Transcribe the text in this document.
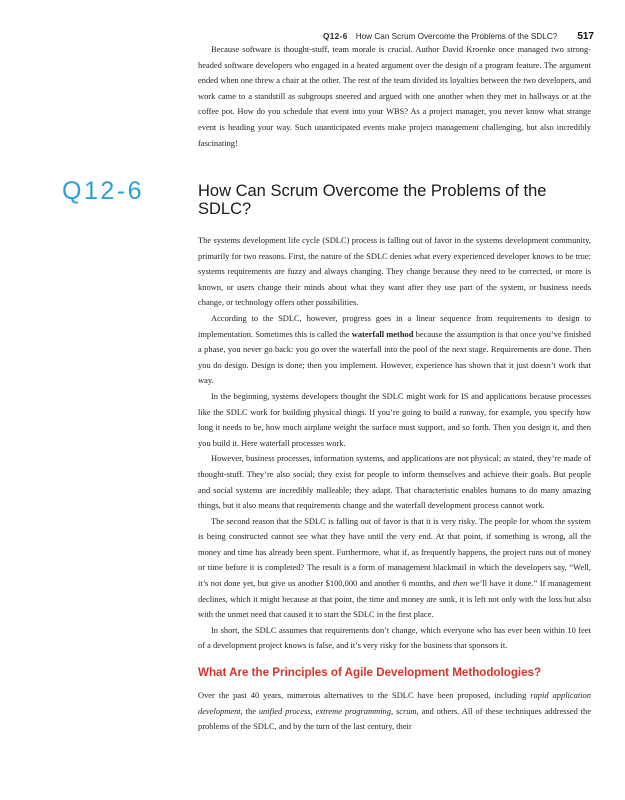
Q12-6 How Can Scrum Overcome the Problems of the SDLC? 517

Because software is thought-stuff, team morale is crucial. Author David Kroenke once managed two strong-headed software developers who engaged in a heated argument over the design of a program feature. The argument ended when one threw a chair at the other. The rest of the team divided its loyalties between the two developers, and work came to a standstill as subgroups sneered and argued with one another when they met in hallways or at the coffee pot. How do you schedule that event into your WBS? As a project manager, you never know what strange event is heading your way. Such unanticipated events make project management challenging, but also incredibly fascinating!

Q12-6	How Can Scrum Overcome the Problems of the SDLC?

The systems development life cycle (SDLC) process is falling out of favor in the systems development community, primarily for two reasons. First, the nature of the SDLC denies what every experienced developer knows to be true: systems requirements are fuzzy and always changing. They change because they need to be corrected, or more is known, or users change their minds about what they want after they use part of the system, or business needs change, or technology offers other possibilities.

According to the SDLC, however, progress goes in a linear sequence from requirements to design to implementation. Sometimes this is called the waterfall method because the assumption is that once you’ve finished a phase, you never go back: you go over the waterfall into the pool of the next stage. Requirements are done. Then you do design. Design is done; then you implement. However, experience has shown that it just doesn’t work that way.

In the beginning, systems developers thought the SDLC might work for IS and applications because processes like the SDLC work for building physical things. If you’re going to build a runway, for example, you specify how long it needs to be, how much airplane weight the surface must support, and so forth. Then you design it, and then you build it. Here waterfall processes work.

However, business processes, information systems, and applications are not physical; as stated, they’re made of thought-stuff. They’re also social; they exist for people to inform themselves and achieve their goals. But people and social systems are incredibly malleable; they adapt. That characteristic enables humans to do many amazing things, but it also means that requirements change and the waterfall development process cannot work.

The second reason that the SDLC is falling out of favor is that it is very risky. The people for whom the system is being constructed cannot see what they have until the very end. At that point, if something is wrong, all the money and time has already been spent. Furthermore, what if, as frequently happens, the project runs out of money or time before it is completed? The result is a form of management blackmail in which the developers say, “Well, it’s not done yet, but give us another $100,000 and another 6 months, and then we’ll have it done.” If management declines, which it might because at that point, the time and money are sunk, it is left not only with the loss but also with the unmet need that caused it to start the SDLC in the first place.

In short, the SDLC assumes that requirements don’t change, which everyone who has ever been within 10 feet of a development project knows is false, and it’s very risky for the business that sponsors it.

What Are the Principles of Agile Development Methodologies?

Over the past 40 years, numerous alternatives to the SDLC have been proposed, including rapid application development, the unified process, extreme programming, scrum, and others. All of these techniques addressed the problems of the SDLC, and by the turn of the last century, their
